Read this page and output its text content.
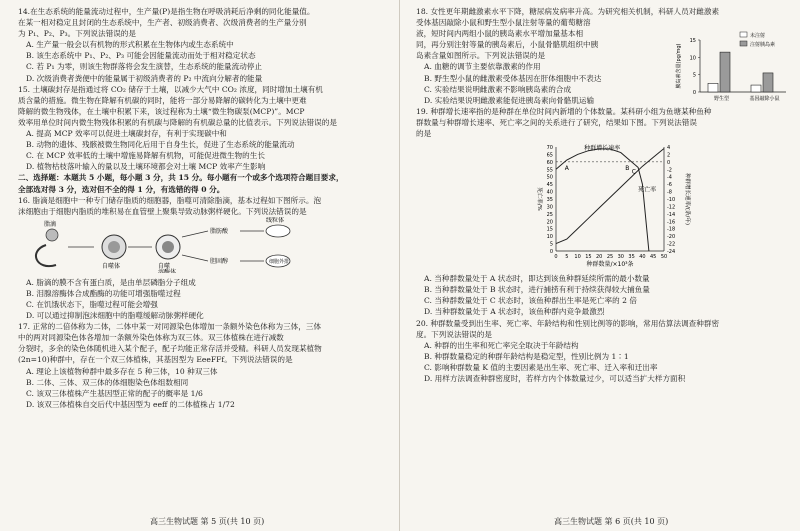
14.在生态系统的能量流动过程中，生产量(P)是指生物在呼吸消耗后净剩的同化能量值。

在某一相对稳定且封闭的生态系统中，生产者、初级消费者、次级消费者的生产量分别

为 P₁、P₂、P₃。下列说法错误的是

A. 生产量一般会以有机物的形式积累在生物体内或生态系统中

B. 该生态系统中 P₁、P₂、P₃ 可能会因能量流动而处于相对稳定状态

C. 若 P₁ 为零，则该生物群落将会发生演替，生态系统的能量流动停止

D. 次级消费者粪便中的能量属于初级消费者的 P₂ 中流向分解者的能量

15. 土壤碳封存是指通过将 CO₂ 储存于土壤，以减少大气中 CO₂ 浓度，同时增加土壤有机

质含量的措施。微生物在降解有机碳的同时，能将一部分易降解的碳转化为土壤中更难

降解的微生物残体，在土壤中积累下来，该过程称为土壤“微生物碳泵(MCP)”。MCP

效率用单位时间内微生物残体积累的有机碳与降解的有机碳总量的比值表示。下列说法错误的是

A. 提高 MCP 效率可以促进土壤碳封存，有利于实现碳中和

B. 动物的遗体、残骸被微生物同化后用于自身生长，促进了生态系统的能量流动

C. 在 MCP 效率低的土壤中增施易降解有机物，可能促进微生物的生长

D. 植物枯枝落叶输入的量以及土壤环境都会对土壤 MCP 效率产生影响

二、选择题：本题共 5 小题，每小题 3 分，共 15 分。每小题有一个或多个选项符合题目要求，

全部选对得 3 分，选对但不全的得 1 分，有选错的得 0 分。

16. 脂滴是细胞中一种专门储存脂质的细胞器，脂噬可清除脂滴，基本过程如下图所示。泡

沫细胞由于细胞内脂质的堆积易在血管壁上聚集导致动脉粥样硬化。下列说法错误的是

脂滴
自噬体	自噬
溶酶体
脂肪酸
胆固醇
线粒体
细胞外排

A. 脂滴的膜不含有蛋白质，是由单层磷脂分子组成

B. 泪腺溶酶体合成酯酶的功能可增强脂噬过程

C. 在饥饿状态下，脂噬过程可能会增强

D. 可以通过抑制泡沫细胞中的脂噬缓解动脉粥样硬化

17. 正常的二倍体称为二体，二体中某一对同源染色体增加一条额外染色体称为三体，三体

中的两对同源染色体各增加一条额外染色体称为双三体。双三体植株在进行减数

分裂时，多余的染色体随机进入某个配子，配子均能正常存活并受精。科研人员发现某植物

(2n=10)种群中，存在一个双三体植株，其基因型为 EeeFFf。下列说法错误的是

A. 理论上该植物种群中最多存在 5 种三体，10 种双三体

B. 二体、三体、双三体的体细胞染色体组数相同

C. 该双三体植株产生基因型正常的配子的概率是 1/6

D. 该双三体植株自交后代中基因型为 eeff 的二体植株占 1/72

高三生物试题 第 5 页(共 10 页)

18. 女性更年期雌激素水平下降，糖尿病发病率升高。为研究相关机制，科研人员对雌激素

受体基因敲除小鼠和野生型小鼠注射等量的葡萄糖溶

液，短时间内两组小鼠的胰岛素水平增加量基本相

同，再分别注射等量的胰岛素后，小鼠骨骼肌组织中胰

岛素含量如图所示。下列说法错误的是

0
5
10
15
胰岛素含量(pg/mg)
野生型	基因敲除小鼠
未注射
注射胰岛素

A. 血糖的调节主要依靠激素的作用

B. 野生型小鼠的雌激素受体基因在肝体细胞中不表达

C. 实验结果说明雌激素不影响胰岛素的合成

D. 实验结果说明雌激素能促进胰岛素向骨骼肌运输

19. 种群增长速率指的是种群在单位时间内新增的个体数量。某科研小组为鱼塘某种鱼种

群数量与种群增长速率、死亡率之间的关系进行了研究，结果如下图。下列说法错误

的是

0 5 10 15 20 25 30 35 40 45 50
0
5
10
15
20
25
30
35
40
45
50
55
60
65
70	4
2
0
-2
-4
-6
-8
-10
-12
-14
-16
-18
-20
-22
-24
种群数量/×10³条
死亡率/%	种群增长速率/(条/年)
种群增长速率
死亡率
A	B
C

A. 当种群数量处于 A 状态时，即达到该鱼种群延续所需的最小数量

B. 当种群数量处于 B 状态时，进行捕捞有利于持续获得较大捕鱼量

C. 当种群数量处于 C 状态时，该鱼种群出生率是死亡率的 2 倍

D. 当种群数量处于 A 状态时，该鱼种群内竞争最激烈

20. 种群数量受到出生率、死亡率、年龄结构和性别比例等的影响，常用估算法调查种群密

度。下列说法错误的是

A. 种群的出生率和死亡率完全取决于年龄结构

B. 种群数量稳定的种群年龄结构是稳定型，性别比例为 1∶1

C. 影响种群数量 K 值的主要因素是出生率、死亡率、迁入率和迁出率

D. 用样方法调查种群密度时，若样方内个体数量过少，可以适当扩大样方面积

高三生物试题 第 6 页(共 10 页)
